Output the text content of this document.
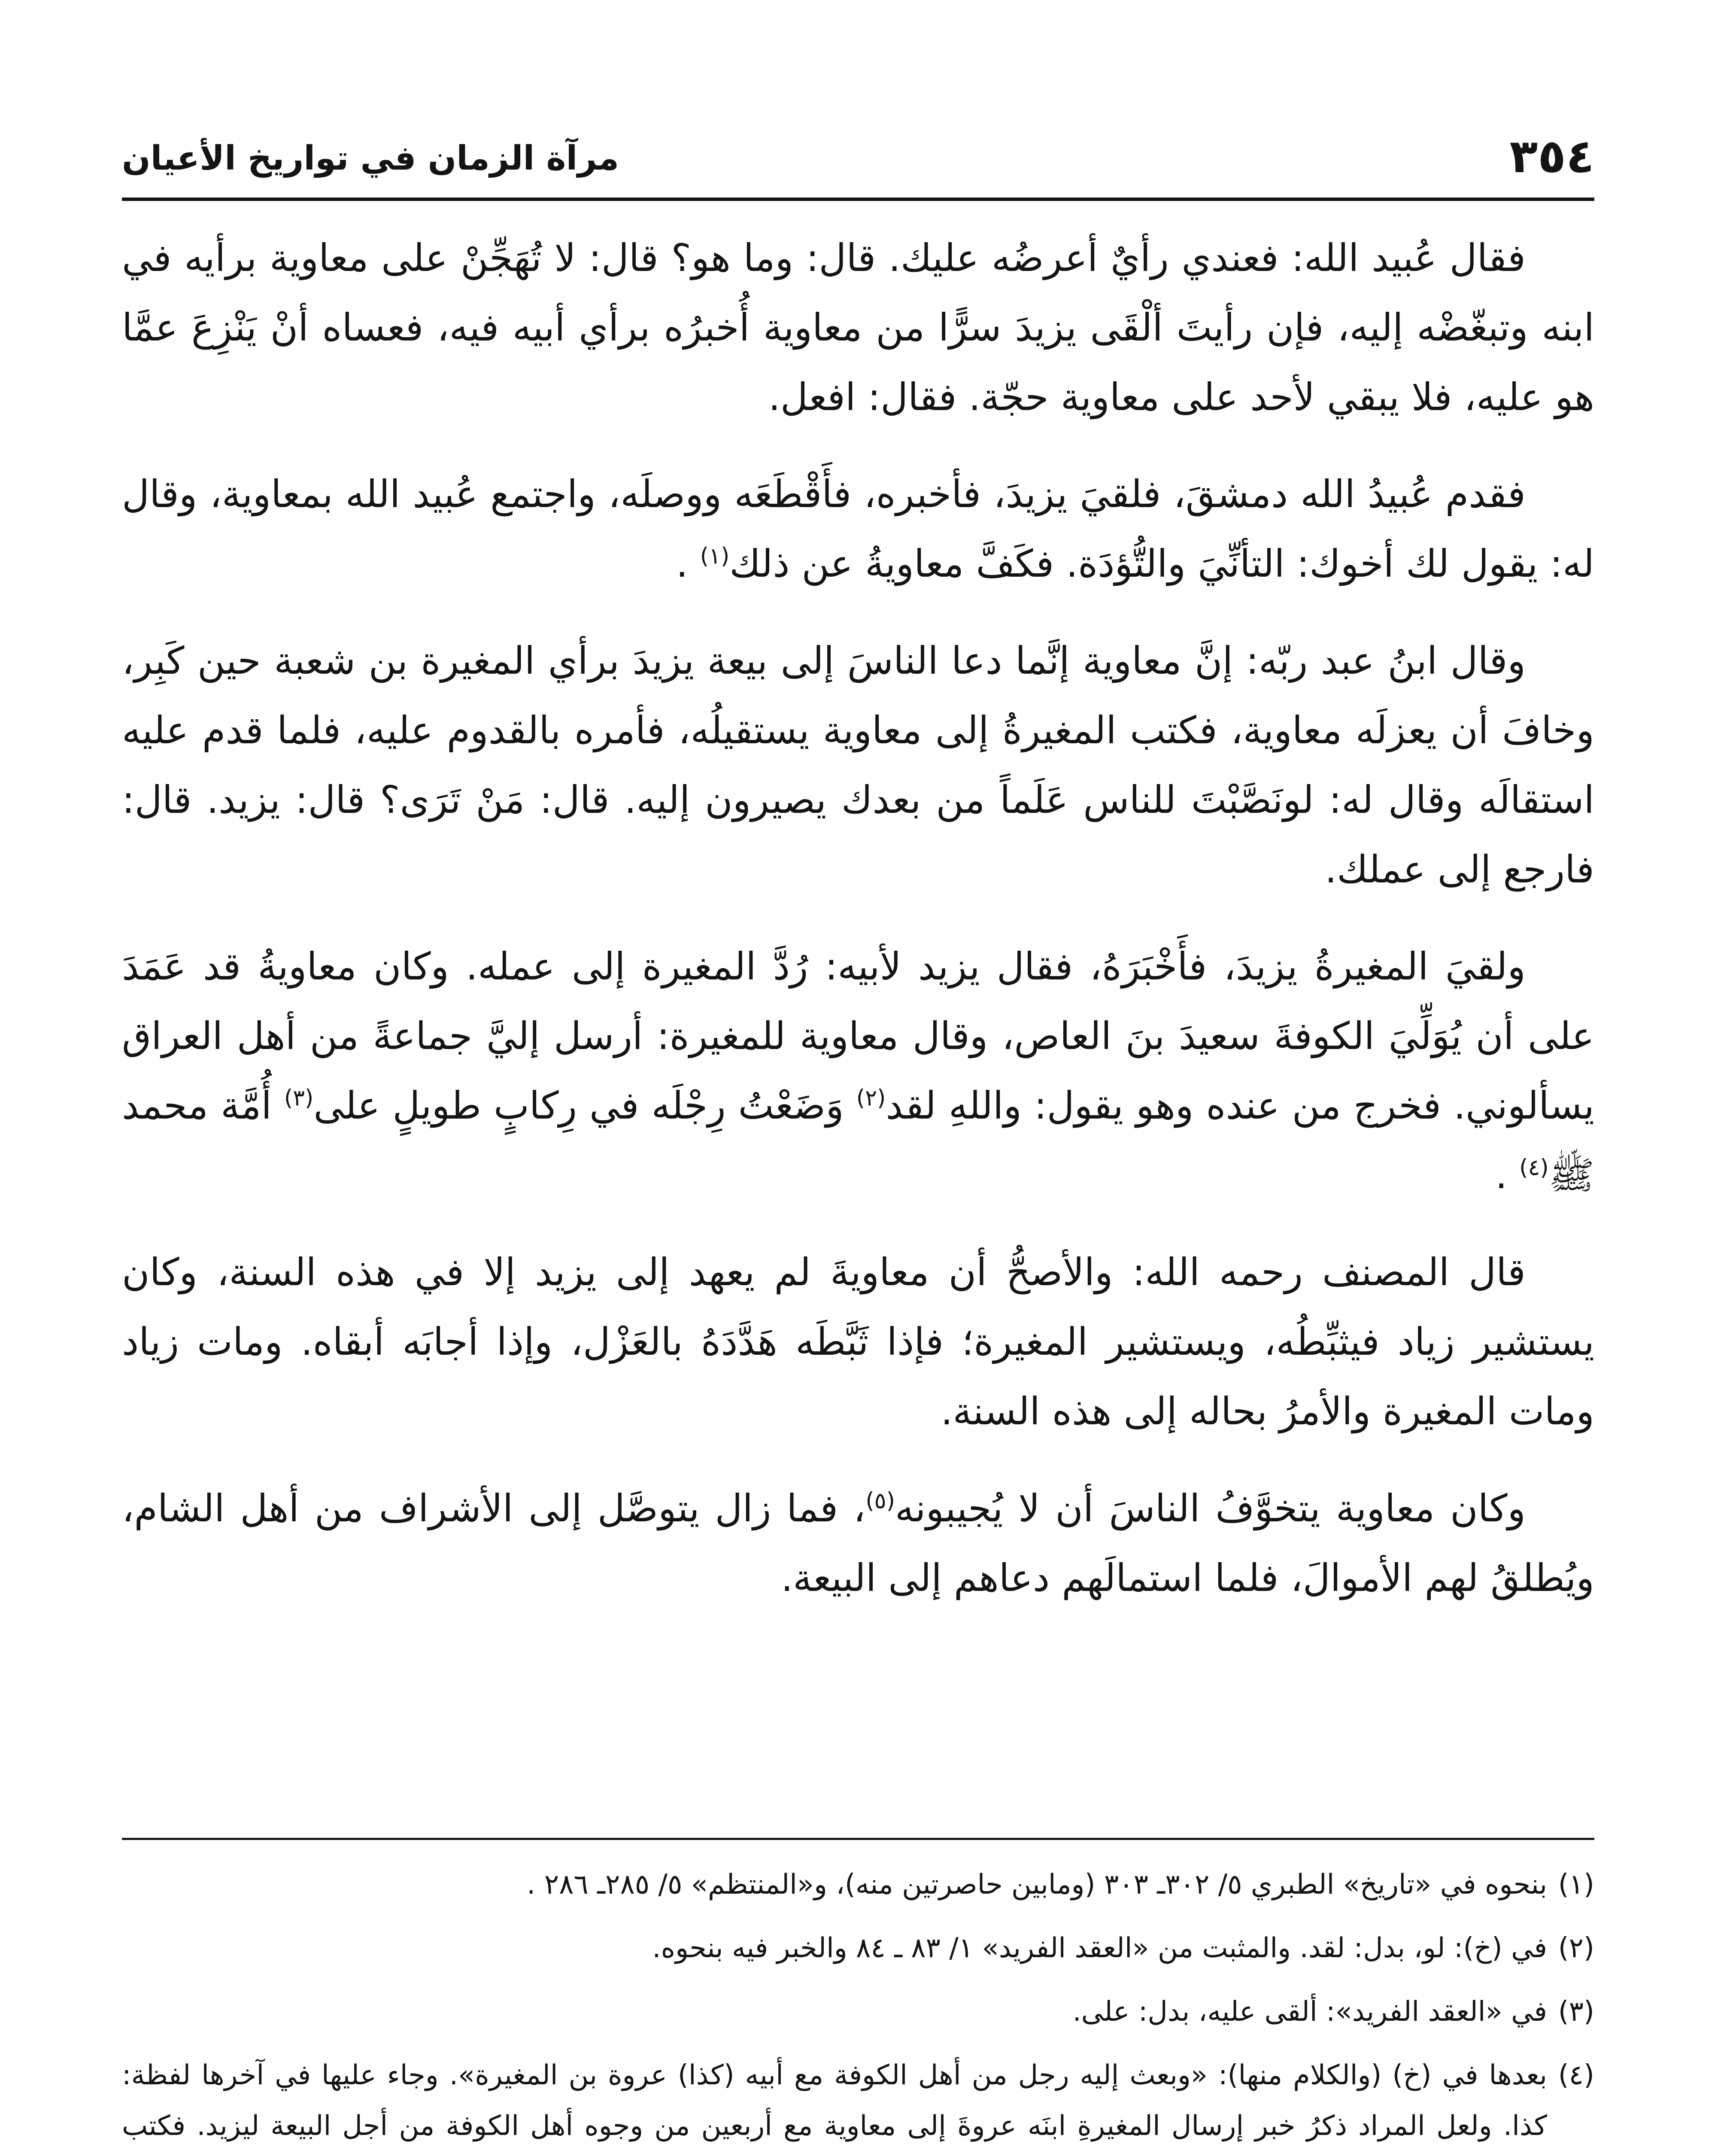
٣٥٤
مرآة الزمان في تواريخ الأعيان

فقال عُبيد الله: فعندي رأيٌ أعرضُه عليك. قال: وما هو؟ قال: لا تُهَجِّنْ على معاوية برأيه في ابنه وتبغّضْه إليه، فإن رأيتَ ألْقَى يزيدَ سرًّا من معاوية أُخبرُه برأي أبيه فيه، فعساه أنْ يَنْزِعَ عمَّا هو عليه، فلا يبقي لأحد على معاوية حجّة. فقال: افعل.

فقدم عُبيدُ الله دمشقَ، فلقيَ يزيدَ، فأخبره، فأَقْطَعَه ووصلَه، واجتمع عُبيد الله بمعاوية، وقال له: يقول لك أخوك: التأنِّيَ والتُّؤدَة. فكَفَّ معاويةُ عن ذلك$^{(١)}$ .

وقال ابنُ عبد ربّه: إنَّ معاوية إنَّما دعا الناسَ إلى بيعة يزيدَ برأي المغيرة بن شعبة حين كَبِر، وخافَ أن يعزلَه معاوية، فكتب المغيرةُ إلى معاوية يستقيلُه، فأمره بالقدوم عليه، فلما قدم عليه استقالَه وقال له: لونَصَّبْتَ للناس عَلَماً من بعدك يصيرون إليه. قال: مَنْ تَرَى؟ قال: يزيد. قال: فارجع إلى عملك.

ولقيَ المغيرةُ يزيدَ، فأَخْبَرَهُ، فقال يزيد لأبيه: رُدَّ المغيرة إلى عمله. وكان معاويةُ قد عَمَدَ على أن يُوَلِّيَ الكوفةَ سعيدَ بنَ العاص، وقال معاوية للمغيرة: أرسل إليَّ جماعةً من أهل العراق يسألوني. فخرج من عنده وهو يقول: واللهِ لقد$^{(٢)}$ وَضَعْتُ رِجْلَه في رِكابٍ طويلٍ على$^{(٣)}$ أُمَّة محمد ﷺ$^{(٤)}$ .

قال المصنف رحمه الله: والأصحُّ أن معاويةَ لم يعهد إلى يزيد إلا في هذه السنة، وكان يستشير زياد فيثبِّطُه، ويستشير المغيرة؛ فإذا ثَبَّطَه هَدَّدَهُ بالعَزْل، وإذا أجابَه أبقاه. ومات زياد ومات المغيرة والأمرُ بحاله إلى هذه السنة.

وكان معاوية يتخوَّفُ الناسَ أن لا يُجيبونه$^{(٥)}$، فما زال يتوصَّل إلى الأشراف من أهل الشام، ويُطلقُ لهم الأموالَ، فلما استمالَهم دعاهم إلى البيعة.

(١)بنحوه في «تاريخ» الطبري ٥/ ٣٠٢ـ ٣٠٣ (ومابين حاصرتين منه)، و«المنتظم» ٥/ ٢٨٥ـ ٢٨٦ .

(٢)في (خ): لو، بدل: لقد. والمثبت من «العقد الفريد» ١/ ٨٣ ـ ٨٤ والخبر فيه بنحوه.

(٣)في «العقد الفريد»: ألقى عليه، بدل: على.

(٤)بعدها في (خ) (والكلام منها): «وبعث إليه رجل من أهل الكوفة مع أبيه (كذا) عروة بن المغيرة». وجاء عليها في آخرها لفظة: كذا. ولعل المراد ذكرُ خبر إرسال المغيرةِ ابنَه عروةَ إلى معاوية مع أربعين من وجوه أهل الكوفة من أجل البيعة ليزيد. فكتب
